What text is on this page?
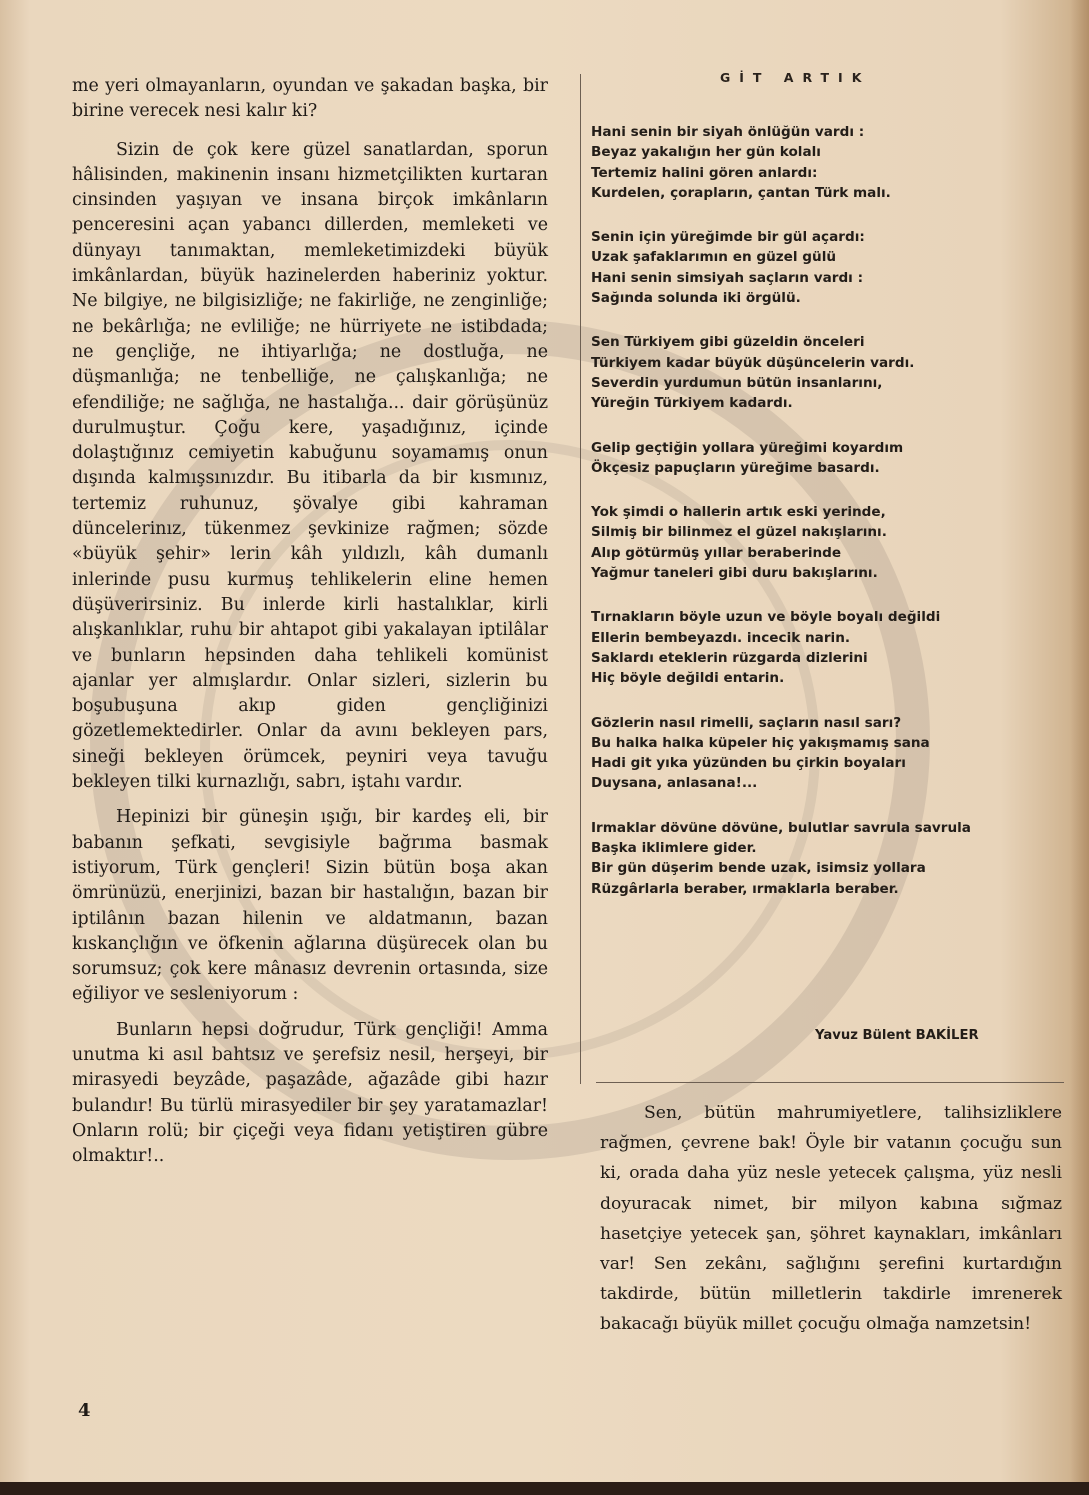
me yeri olmayanların, oyundan ve şakadan başka, bir birine verecek nesi kalır ki?

Sizin de çok kere güzel sanatlardan, sporun hâlisinden, makinenin insanı hizmetçilikten kurtaran cinsinden yaşıyan ve insana birçok imkânların penceresini açan yabancı dillerden, memleketi ve dünyayı tanımaktan, memleketimizdeki büyük imkânlardan, büyük hazinelerden haberiniz yoktur. Ne bilgiye, ne bilgisizliğe; ne fakirliğe, ne zenginliğe; ne bekârlığa; ne evliliğe; ne hürriyete ne istibdada; ne gençliğe, ne ihtiyarlığa; ne dostluğa, ne düşmanlığa; ne tenbelliğe, ne çalışkanlığa; ne efendiliğe; ne sağlığa, ne hastalığa... dair görüşünüz durulmuştur. Çoğu kere, yaşadığınız, içinde dolaştığınız cemiyetin kabuğunu soyamamış onun dışında kalmışsınızdır. Bu itibarla da bir kısmınız, tertemiz ruhunuz, şövalye gibi kahraman düncelerinız, tükenmez şevkinize rağmen; sözde «büyük şehir» lerin kâh yıldızlı, kâh dumanlı inlerinde pusu kurmuş tehlikelerin eline hemen düşüverirsiniz. Bu inlerde kirli hastalıklar, kirli alışkanlıklar, ruhu bir ahtapot gibi yakalayan iptilâlar ve bunların hepsinden daha tehlikeli komünist ajanlar yer almışlardır. Onlar sizleri, sizlerin bu boşubuşuna akıp giden gençliğinizi gözetlemektedirler. Onlar da avını bekleyen pars, sineği bekleyen örümcek, peyniri veya tavuğu bekleyen tilki kurnazlığı, sabrı, iştahı vardır.

Hepinizi bir güneşin ışığı, bir kardeş eli, bir babanın şefkati, sevgisiyle bağrıma basmak istiyorum, Türk gençleri! Sizin bütün boşa akan ömrünüzü, enerjinizi, bazan bir hastalığın, bazan bir iptilânın bazan hilenin ve aldatmanın, bazan kıskançlığın ve öfkenin ağlarına düşürecek olan bu sorumsuz; çok kere mânasız devrenin ortasında, size eğiliyor ve sesleniyorum :

Bunların hepsi doğrudur, Türk gençliği! Amma unutma ki asıl bahtsız ve şerefsiz nesil, herşeyi, bir mirasyedi beyzâde, paşazâde, ağazâde gibi hazır bulandır! Bu türlü mirasyediler bir şey yaratamazlar! Onların rolü; bir çiçeği veya fidanı yetiştiren gübre olmaktır!..

GİT ARTIK
Hani senin bir siyah önlüğün vardı :
Beyaz yakalığın her gün kolalı
Tertemiz halini gören anlardı:
Kurdelen, çorapların, çantan Türk malı.
Senin için yüreğimde bir gül açardı:
Uzak şafaklarımın en güzel gülü
Hani senin simsiyah saçların vardı :
Sağında solunda iki örgülü.
Sen Türkiyem gibi güzeldin önceleri
Türkiyem kadar büyük düşüncelerin vardı.
Severdin yurdumun bütün insanlarını,
Yüreğin Türkiyem kadardı.
Gelip geçtiğin yollara yüreğimi koyardım
Ökçesiz papuçların yüreğime basardı.
Yok şimdi o hallerin artık eski yerinde,
Silmiş bir bilinmez el güzel nakışlarını.
Alıp götürmüş yıllar beraberinde
Yağmur taneleri gibi duru bakışlarını.
Tırnakların böyle uzun ve böyle boyalı değildi
Ellerin bembeyazdı. incecik narin.
Saklardı eteklerin rüzgarda dizlerini
Hiç böyle değildi entarin.
Gözlerin nasıl rimelli, saçların nasıl sarı?
Bu halka halka küpeler hiç yakışmamış sana
Hadi git yıka yüzünden bu çirkin boyaları
Duysana, anlasana!...
Irmaklar dövüne dövüne, bulutlar savrula savrula
Başka iklimlere gider.
Bir gün düşerim bende uzak, isimsiz yollara
Rüzgârlarla beraber, ırmaklarla beraber.
Yavuz Bülent BAKİLER

Sen, bütün mahrumiyetlere, talihsizliklere rağmen, çevrene bak! Öyle bir vatanın çocuğu sun ki, orada daha yüz nesle yetecek çalışma, yüz nesli doyuracak nimet, bir milyon kabına sığmaz hasetçiye yetecek şan, şöhret kaynakları, imkânları var! Sen zekânı, sağlığını şerefini kurtardığın takdirde, bütün milletlerin takdirle imrenerek bakacağı büyük millet çocuğu olmağa namzetsin!

4
